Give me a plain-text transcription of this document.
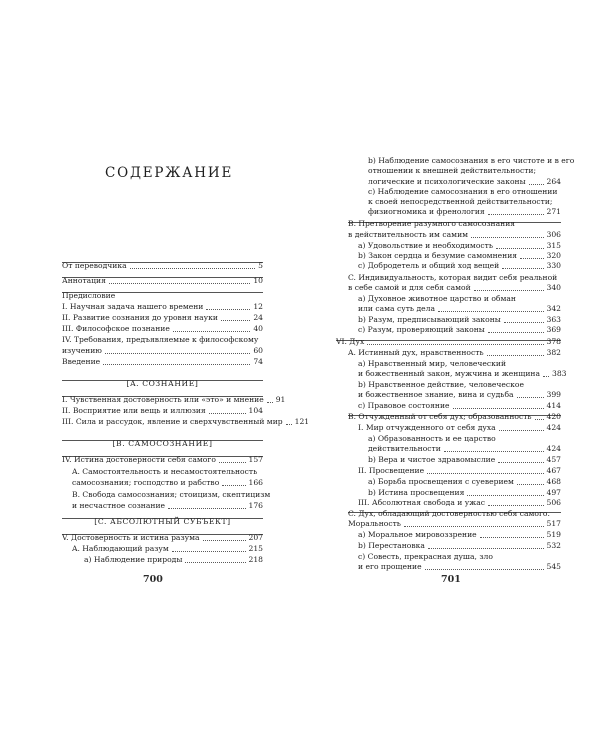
СОДЕРЖАНИЕ
От переводчика	5
Аннотация	10
Предисловие
I. Научная задача нашего времени	12
II. Развитие сознания до уровня науки	24
III. Философское познание	40
IV. Требования, предъявляемые к философскому
изучению	60
Введение	74
[A. СОЗНАНИЕ]
I. Чувственная достоверность или «это» и мнение 91
II. Восприятие или вещь и иллюзия	104
III. Сила и рассудок, явление и сверхчувственный мир 121
[B. САМОСОЗНАНИЕ]
IV. Истина достоверности себя самого	157
A. Самостоятельность и несамостоятельность
самосознания; господство и рабство	166
B. Свобода самосознания; стоицизм, скептицизм
и несчастное сознание	176
[C. АБСОЛЮТНЫЙ СУБЪЕКТ]
V. Достоверность и истина разума	207
A. Наблюдающий разум	215
a) Наблюдение природы	218
700
b) Наблюдение самосознания в его чистоте и в его
отношении к внешней действительности;
логические и психологические законы	264
c) Наблюдение самосознания в его отношении
к своей непосредственной действительности;
физиогномика и френология	271
B. Претворение разумного самосознания
в действительность им самим	306
a) Удовольствие и необходимость	315
b) Закон сердца и безумие самомнения	320
c) Добродетель и общий ход вещей	330
C. Индивидуальность, которая видит себя реальной
в себе самой и для себя самой	340
a) Духовное животное царство и обман
или сама суть дела	342
b) Разум, предписывающий законы	363
c) Разум, проверяющий законы	369
VI. Дух	378
A. Истинный дух, нравственность	382
a) Нравственный мир, человеческий
и божественный закон, мужчина и женщина 383
b) Нравственное действие, человеческое
и божественное знание, вина и судьба	399
c) Правовое состояние	414
B. Отчужденный от себя дух; образованность 420
I. Мир отчужденного от себя духа	424
a) Образованность и ее царство
действительности	424
b) Вера и чистое здравомыслие	457
II. Просвещение	467
a) Борьба просвещения с суеверием	468
b) Истина просвещения	497
III. Абсолютная свобода и ужас	506
C. Дух, обладающий достоверностью себя самого.
Моральность	517
a) Моральное мировоззрение	519
b) Перестановка	532
c) Совесть, прекрасная душа, зло
и его прощение	545
701
